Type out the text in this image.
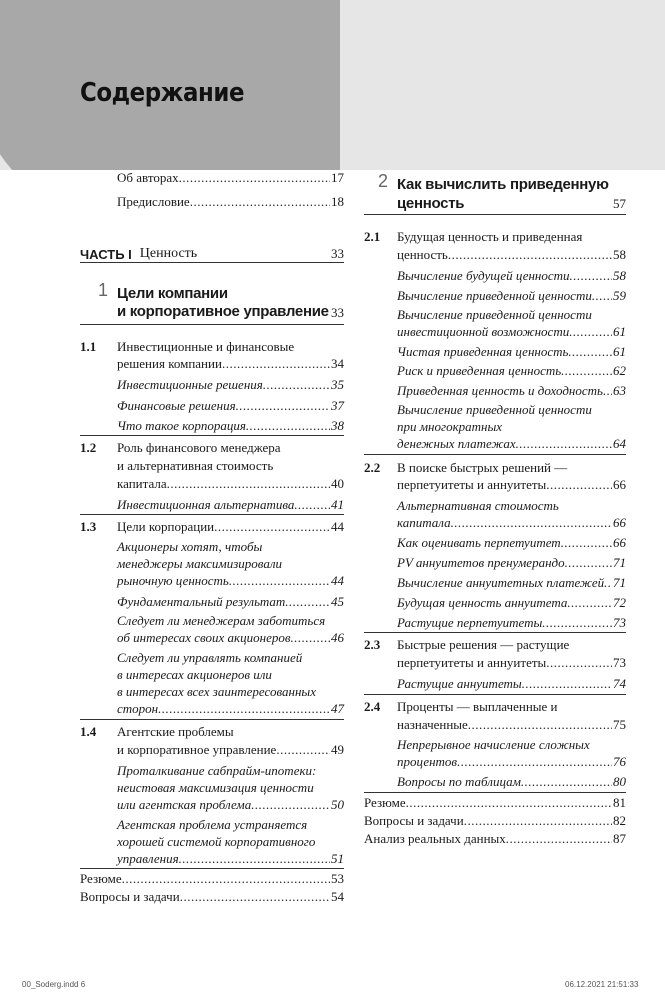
Содержание
Об авторах .....	17
Предисловие .....	18
ЧАСТЬ I Ценность	33
1 Цели компании
и корпоративное управление 33
1.1 Инвестиционные и финансовые
решения компании .....	34
Инвестиционные решения .....	35
Финансовые решения .....	37
Что такое корпорация .....	38
1.2 Роль финансового менеджера
и альтернативная стоимость
капитала .....	40
Инвестиционная альтернатива .....	41
1.3 Цели корпорации .....	44
Акционеры хотят, чтобы
менеджеры максимизировали
рыночную ценность .....	44
Фундаментальный результат .....	45
Следует ли менеджерам заботиться
об интересах своих акционеров .....	46
Следует ли управлять компанией
в интересах акционеров или
в интересах всех заинтересованных
сторон .....	47
1.4 Агентские проблемы
и корпоративное управление .....	49
Проталкивание сабпрайм-ипотеки:
неистовая максимизация ценности
или агентская проблема .....	50
Агентская проблема устраняется
хорошей системой корпоративного
управления .....	51
Резюме .....	53
Вопросы и задачи .....	54
2 Как вычислить приведенную
ценность	57
2.1 Будущая ценность и приведенная
ценность .....	58
Вычисление будущей ценности .....	58
Вычисление приведенной ценности ..... 59
Вычисление приведенной ценности
инвестиционной возможности .....	61
Чистая приведенная ценность .....	61
Риск и приведенная ценность .....	62
Приведенная ценность и доходность ..... 63
Вычисление приведенной ценности
при многократных
денежных платежах .....	64
2.2 В поиске быстрых решений —
перпетуитеты и аннуитеты .....	66
Альтернативная стоимость
капитала .....	66
Как оценивать перпетуитет .....	66
PV аннуитетов пренумерандо .....	71
Вычисление аннуитетных платежей ..... 71
Будущая ценность аннуитета .....	72
Растущие перпетуитеты .....	73
2.3 Быстрые решения — растущие
перпетуитеты и аннуитеты .....	73
Растущие аннуитеты .....	74
2.4 Проценты — выплаченные и
назначенные .....	75
Непрерывное начисление сложных
процентов .....	76
Вопросы по таблицам .....	80
Резюме .....	81
Вопросы и задачи .....	82
Анализ реальных данных .....	87
00_Soderg.indd 6	06.12.2021 21:51:33
